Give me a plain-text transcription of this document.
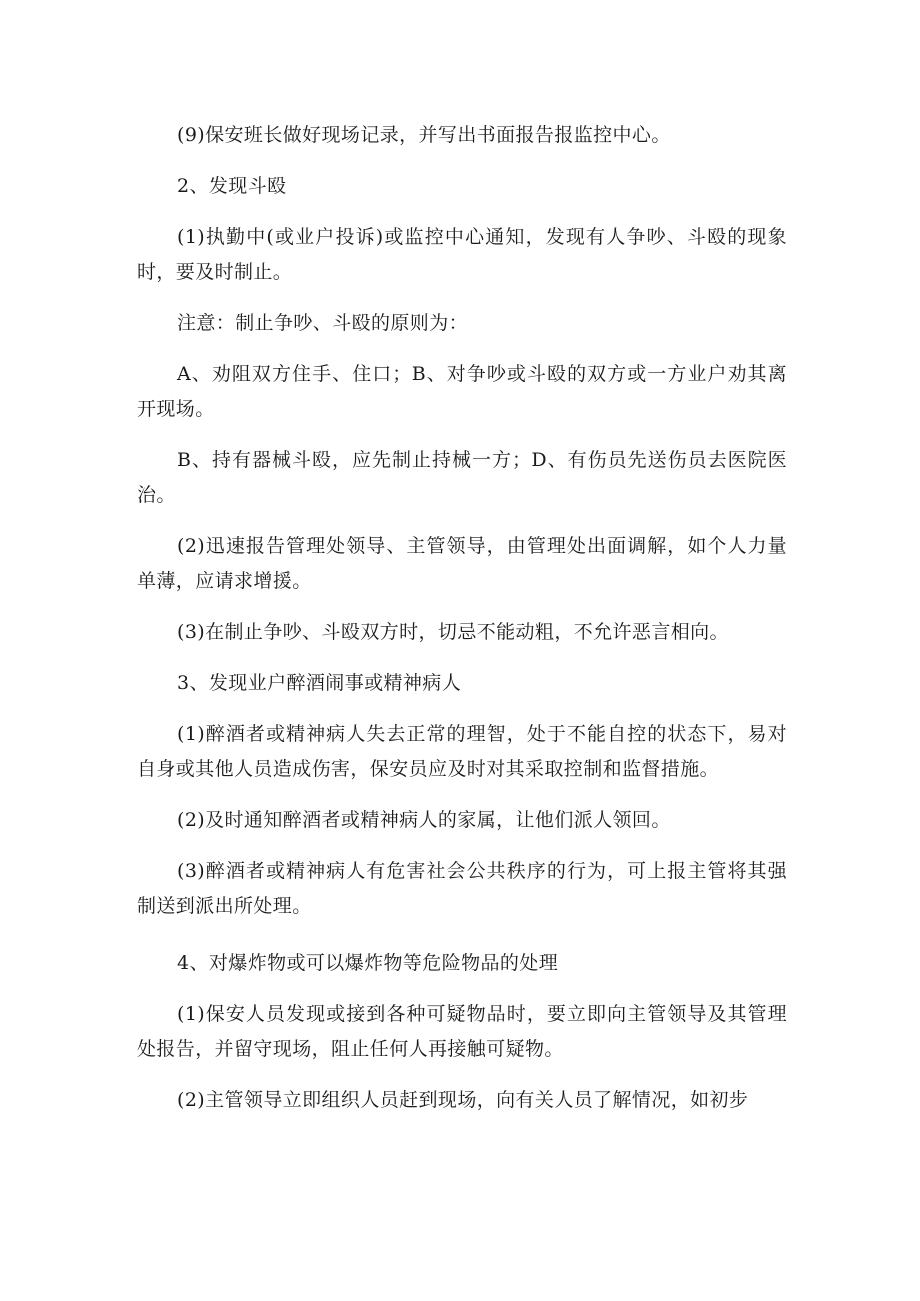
(9)保安班长做好现场记录，并写出书面报告报监控中心。

2、发现斗殴

(1)执勤中(或业户投诉)或监控中心通知，发现有人争吵、斗殴的现象时，要及时制止。

注意：制止争吵、斗殴的原则为：

A、劝阻双方住手、住口；B、对争吵或斗殴的双方或一方业户劝其离开现场。

B、持有器械斗殴，应先制止持械一方；D、有伤员先送伤员去医院医治。

(2)迅速报告管理处领导、主管领导，由管理处出面调解，如个人力量单薄，应请求增援。

(3)在制止争吵、斗殴双方时，切忌不能动粗，不允许恶言相向。

3、发现业户醉酒闹事或精神病人

(1)醉酒者或精神病人失去正常的理智，处于不能自控的状态下，易对自身或其他人员造成伤害，保安员应及时对其采取控制和监督措施。

(2)及时通知醉酒者或精神病人的家属，让他们派人领回。

(3)醉酒者或精神病人有危害社会公共秩序的行为，可上报主管将其强制送到派出所处理。

4、对爆炸物或可以爆炸物等危险物品的处理

(1)保安人员发现或接到各种可疑物品时，要立即向主管领导及其管理处报告，并留守现场，阻止任何人再接触可疑物。

(2)主管领导立即组织人员赶到现场，向有关人员了解情况，如初步
